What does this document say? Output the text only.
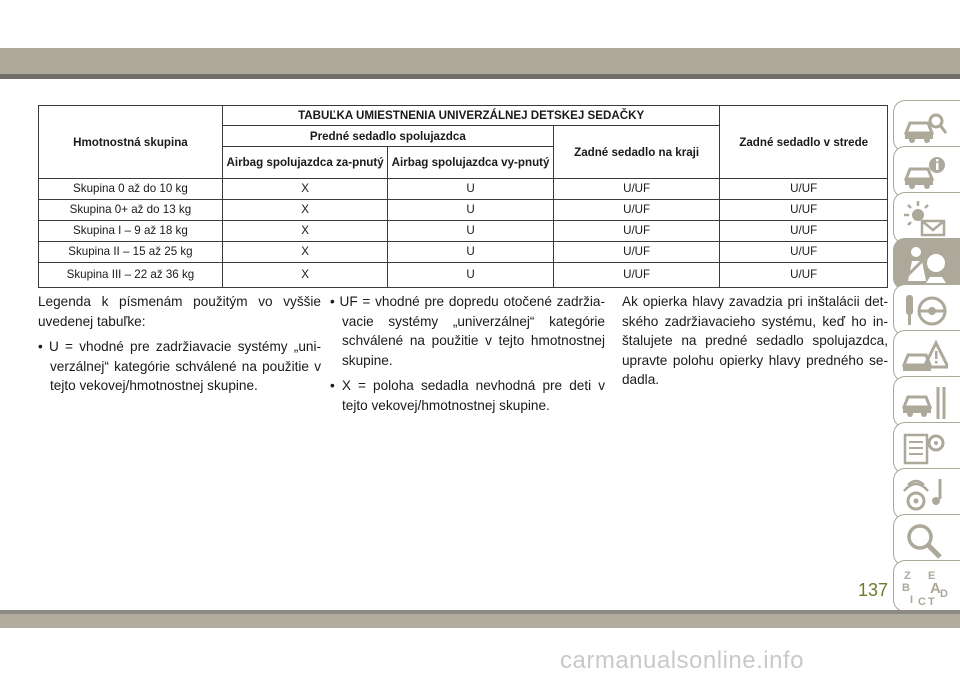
Hmotnostná skupina	TABUĽKA UMIESTNENIA UNIVERZÁLNEJ DETSKEJ SEDAČKY			Zadné sedadlo v strede
	Predné sedadlo spolujazdca		Zadné sedadlo na kraji	
	Airbag spolujazdca za-pnutý	Airbag spolujazdca vy-pnutý		
Skupina 0 až do 10 kg	X	U	U/UF	U/UF
Skupina 0+ až do 13 kg	X	U	U/UF	U/UF
Skupina I – 9 až 18 kg	X	U	U/UF	U/UF
Skupina II – 15 až 25 kg	X	U	U/UF	U/UF
Skupina III – 22 až 36 kg	X	U	U/UF	U/UF

Legenda k písmenám použitým vo vyššie uvedenej tabuľke:

• U = vhodné pre zadržiavacie systémy „uni-verzálnej“ kategórie schválené na použitie v tejto vekovej/hmotnostnej skupine.

• UF = vhodné pre dopredu otočené zadržia-vacie systémy „univerzálnej“ kategórie schválené na použitie v tejto hmotnostnej skupine.

• X = poloha sedadla nevhodná pre deti v tejto vekovej/hmotnostnej skupine.

Ak opierka hlavy zavadzia pri inštalácii det-ského zadržiavacieho systému, keď ho in-štalujete na predné sedadlo spolujazdca, upravte polohu opierky hlavy predného se-dadla.

Z E
B A
I C T
D
137
carmanualsonline.info
